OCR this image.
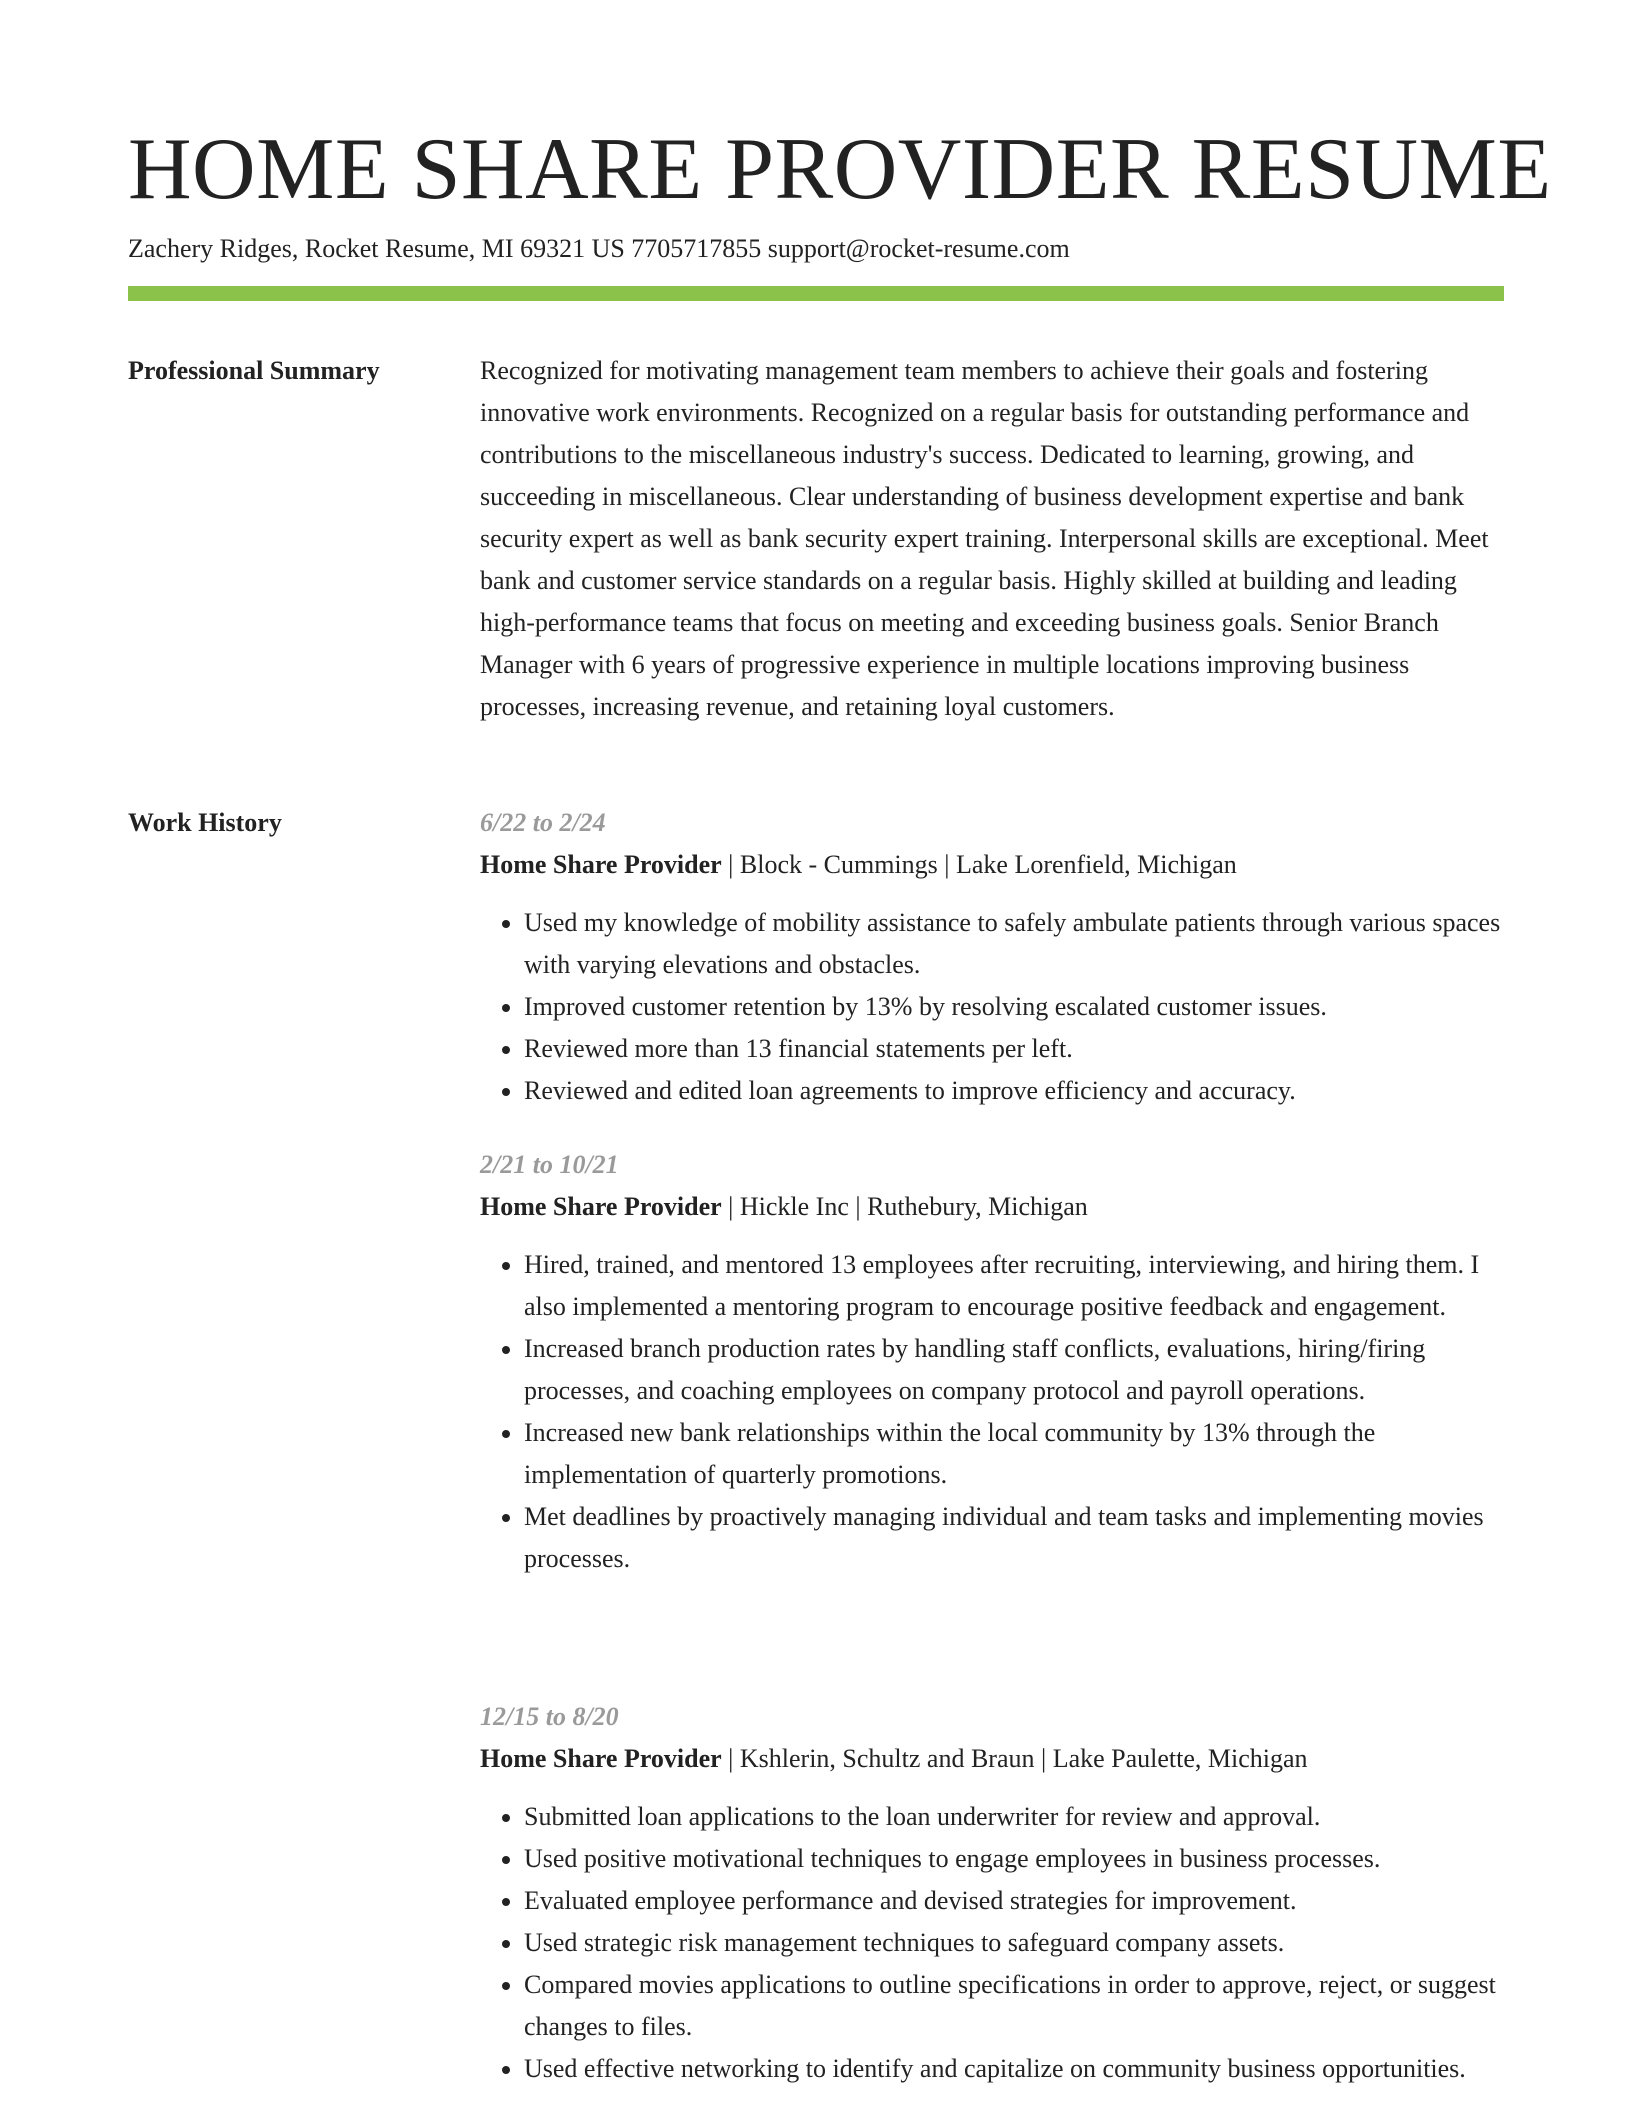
HOME SHARE PROVIDER RESUME
Zachery Ridges, Rocket Resume, MI 69321 US 7705717855 support@rocket-resume.com
Professional Summary	Recognized for motivating management team members to achieve their goals and fostering innovative work environments. Recognized on a regular basis for outstanding performance and contributions to the miscellaneous industry's success. Dedicated to learning, growing, and succeeding in miscellaneous. Clear understanding of business development expertise and bank security expert as well as bank security expert training. Interpersonal skills are exceptional. Meet bank and customer service standards on a regular basis. Highly skilled at building and leading high-performance teams that focus on meeting and exceeding business goals. Senior Branch Manager with 6 years of progressive experience in multiple locations improving business processes, increasing revenue, and retaining loyal customers.

Work History	6/22 to 2/24
Home Share Provider | Block - Cummings | Lake Lorenfield, Michigan
• Used my knowledge of mobility assistance to safely ambulate patients through various spaces with varying elevations and obstacles.
• Improved customer retention by 13% by resolving escalated customer issues.
• Reviewed more than 13 financial statements per left.
• Reviewed and edited loan agreements to improve efficiency and accuracy.
2/21 to 10/21
Home Share Provider | Hickle Inc | Ruthebury, Michigan
• Hired, trained, and mentored 13 employees after recruiting, interviewing, and hiring them. I also implemented a mentoring program to encourage positive feedback and engagement.
• Increased branch production rates by handling staff conflicts, evaluations, hiring/firing processes, and coaching employees on company protocol and payroll operations.
• Increased new bank relationships within the local community by 13% through the implementation of quarterly promotions.
• Met deadlines by proactively managing individual and team tasks and implementing movies processes.
12/15 to 8/20
Home Share Provider | Kshlerin, Schultz and Braun | Lake Paulette, Michigan
• Submitted loan applications to the loan underwriter for review and approval.
• Used positive motivational techniques to engage employees in business processes.
• Evaluated employee performance and devised strategies for improvement.
• Used strategic risk management techniques to safeguard company assets.
• Compared movies applications to outline specifications in order to approve, reject, or suggest changes to files.
• Used effective networking to identify and capitalize on community business opportunities.
